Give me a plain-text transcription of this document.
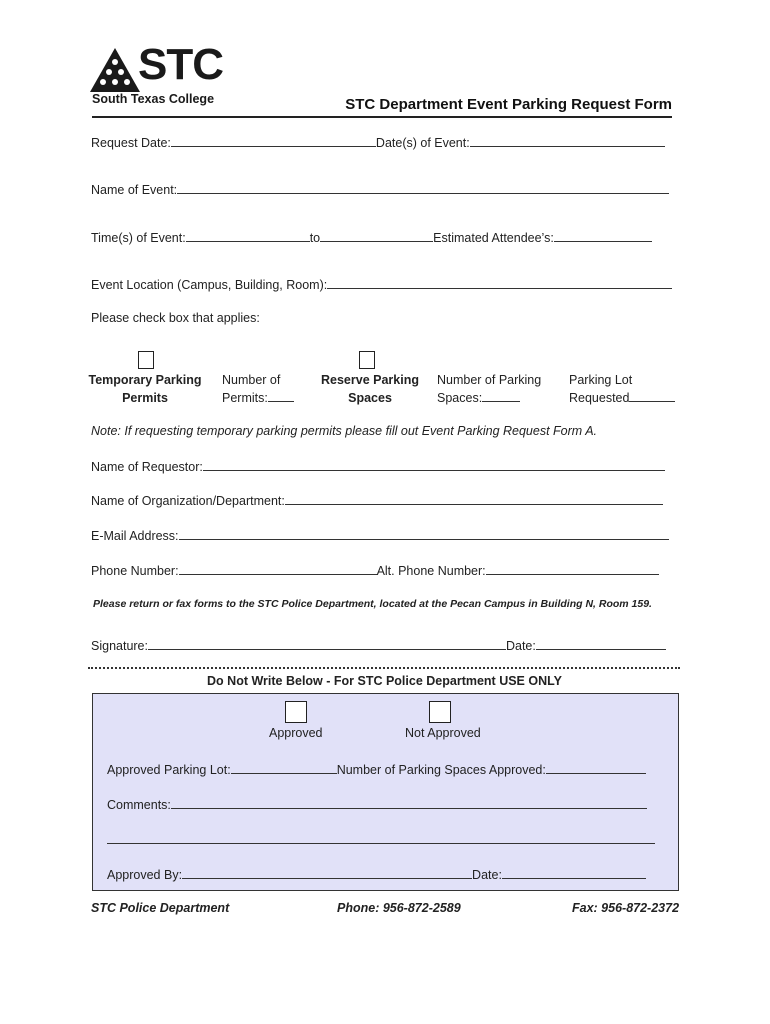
STC
South Texas College	STC Department Event Parking Request Form
Request Date:	Date(s) of Event:
Name of Event:
Time(s) of Event:	to	Estimated Attendee’s:
Event Location (Campus, Building, Room):
Please check box that applies:
Temporary Parking
Permits
Number of
Permits:
Reserve Parking
Spaces
Number of Parking
Spaces:
Parking Lot
Requested
Note: If requesting temporary parking permits please fill out Event Parking Request Form A.
Name of Requestor:
Name of Organization/Department:
E-Mail Address:
Phone Number:	Alt. Phone Number:
Please return or fax forms to the STC Police Department, located at the Pecan Campus in Building N, Room 159.
Signature:	Date:
Do Not Write Below - For STC Police Department USE ONLY
Approved	Not Approved
Approved Parking Lot:	Number of Parking Spaces Approved:
Comments:
Approved By:	Date:
STC Police Department	Phone: 956-872-2589	Fax: 956-872-2372
